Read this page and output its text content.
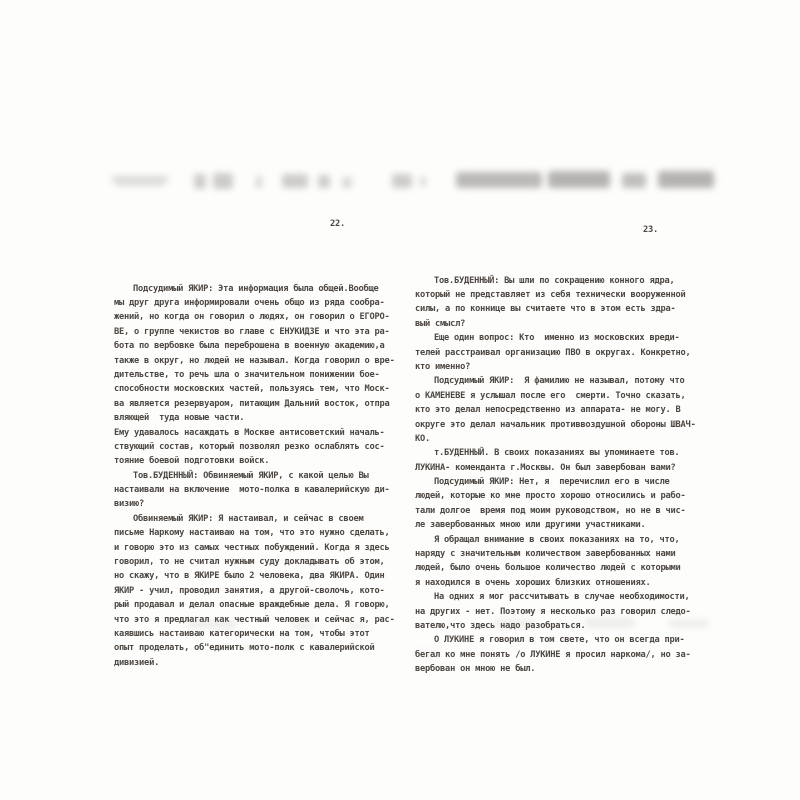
22.

Подсудимый ЯКИР: Эта информация была общей.Вообще
мы друг друга информировали очень общо из ряда сообра-
жений, но когда он говорил о людях, он говорил о ЕГОРО-
ВЕ, о группе чекистов во главе с ЕНУКИДЗЕ и что эта ра-
бота по вербовке была переброшена в военную академию,а
также в округ, но людей не называл. Когда говорил о вре-
дительстве, то речь шла о значительном понижении бое-
способности московских частей, пользуясь тем, что Моск-
ва является резервуаром, питающим Дальний восток, отпра
вляющей  туда новые части.
Ему удавалось насаждать в Москве антисоветский началь-
ствующий состав, который позволял резко ослаблять сос-
тояние боевой подготовки войск.
Тов.БУДЕННЫЙ: Обвиняемый ЯКИР, с какой целью Вы
настаивали на включение  мото-полка в кавалерийскую ди-
визию?
Обвиняемый ЯКИР: Я настаивал, и сейчас в своем
письме Наркому настаиваю на том, что это нужно сделать,
и говорю это из самых честных побуждений. Когда я здесь
говорил, то не считал нужным суду докладывать об этом,
но скажу, что в ЯКИРЕ было 2 человека, два ЯКИРА. Один
ЯКИР - учил, проводил занятия, а другой-сволочь, кото-
рый продавал и делал опасные враждебные дела. Я говорю,
что это я предлагал как честный человек и сейчас я, рас-
каявшись настаиваю категорически на том, чтобы этот
опыт проделать, об"единить мото-полк с кавалерийской
дивизией.

23.

Тов.БУДЕННЫЙ: Вы шли по сокращению конного ядра,
который не представляет из себя технически вооруженной
силы, а по коннице вы считаете что в этом есть здра-
вый смысл?
Еще один вопрос: Кто  именно из московских вреди-
телей расстраивал организацию ПВО в округах. Конкретно,
кто именно?
Подсудимый ЯКИР:  Я фамилию не называл, потому что
о КАМЕНЕВЕ я услышал после его  смерти. Точно сказать,
кто это делал непосредственно из аппарата- не могу. В
округе это делал начальник противвоздушной обороны ШВАЧ-
КО.
т.БУДЕННЫЙ. В своих показаниях вы упоминаете тов.
ЛУКИНА- коменданта г.Москвы. Он был завербован вами?
Подсудимый ЯКИР: Нет, я  перечислил его в числе
людей, которые ко мне просто хорошо относились и рабо-
тали долгое  время под моим руководством, но не в чис-
ле завербованных мною или другими участниками.
Я обращал внимание в своих показаниях на то, что,
наряду с значительным количеством завербованных нами
людей, было очень большое количество людей с которыми
я находился в очень хороших близких отношениях.
На одних я мог рассчитывать в случае необходимости,
на других - нет. Поэтому я несколько раз говорил следо-
вателю,что здесь надо разобраться.
О ЛУКИНЕ я говорил в том свете, что он всегда при-
бегал ко мне понять /о ЛУКИНЕ я просил наркома/, но за-
вербован он мною не был.
